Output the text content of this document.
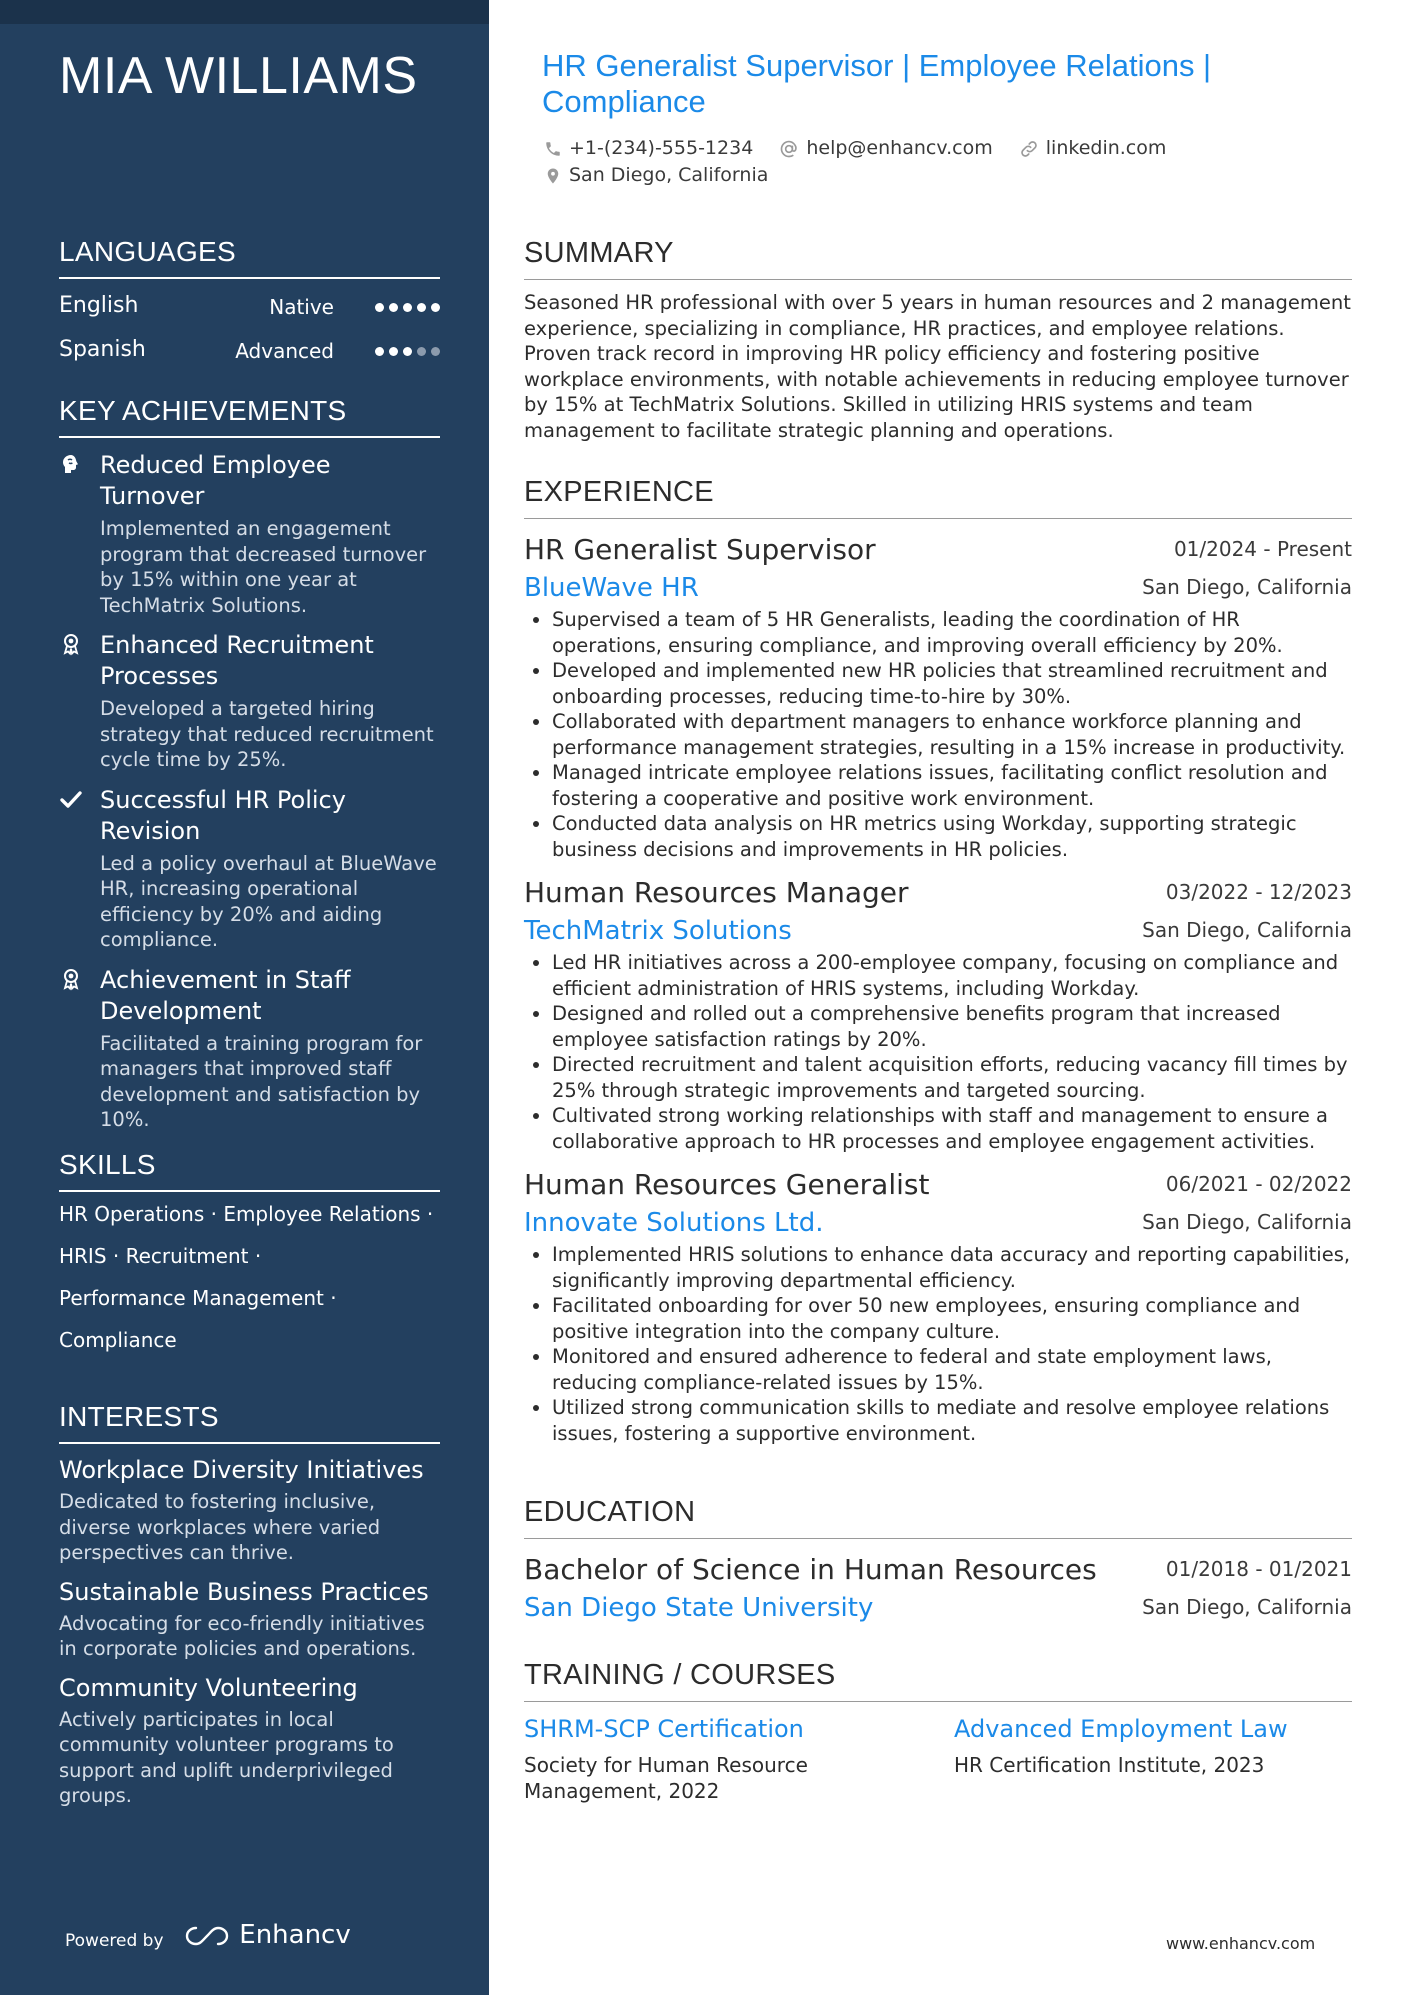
MIA WILLIAMS
LANGUAGES
English	Native
Spanish	Advanced
KEY ACHIEVEMENTS
Reduced Employee Turnover
Implemented an engagement program that decreased turnover by 15% within one year at TechMatrix Solutions.
Enhanced Recruitment Processes
Developed a targeted hiring strategy that reduced recruitment cycle time by 25%.
Successful HR Policy Revision
Led a policy overhaul at BlueWave HR, increasing operational efficiency by 20% and aiding compliance.
Achievement in Staff Development
Facilitated a training program for managers that improved staff development and satisfaction by 10%.
SKILLS
HR Operations · Employee Relations ·
HRIS · Recruitment ·
Performance Management ·
Compliance
INTERESTS
Workplace Diversity Initiatives
Dedicated to fostering inclusive, diverse workplaces where varied perspectives can thrive.
Sustainable Business Practices
Advocating for eco-friendly initiatives in corporate policies and operations.
Community Volunteering
Actively participates in local community volunteer programs to support and uplift underprivileged groups.
Powered by	Enhancv
HR Generalist Supervisor | Employee Relations | Compliance
+1-(234)-555-1234	help@enhancv.com	linkedin.com
San Diego, California
SUMMARY
Seasoned HR professional with over 5 years in human resources and 2 management experience, specializing in compliance, HR practices, and employee relations. Proven track record in improving HR policy efficiency and fostering positive workplace environments, with notable achievements in reducing employee turnover by 15% at TechMatrix Solutions. Skilled in utilizing HRIS systems and team management to facilitate strategic planning and operations.
EXPERIENCE
HR Generalist Supervisor	01/2024 - Present
BlueWave HR	San Diego, California
• Supervised a team of 5 HR Generalists, leading the coordination of HR operations, ensuring compliance, and improving overall efficiency by 20%.
• Developed and implemented new HR policies that streamlined recruitment and onboarding processes, reducing time-to-hire by 30%.
• Collaborated with department managers to enhance workforce planning and performance management strategies, resulting in a 15% increase in productivity.
• Managed intricate employee relations issues, facilitating conflict resolution and fostering a cooperative and positive work environment.
• Conducted data analysis on HR metrics using Workday, supporting strategic business decisions and improvements in HR policies.
Human Resources Manager	03/2022 - 12/2023
TechMatrix Solutions	San Diego, California
• Led HR initiatives across a 200-employee company, focusing on compliance and efficient administration of HRIS systems, including Workday.
• Designed and rolled out a comprehensive benefits program that increased employee satisfaction ratings by 20%.
• Directed recruitment and talent acquisition efforts, reducing vacancy fill times by 25% through strategic improvements and targeted sourcing.
• Cultivated strong working relationships with staff and management to ensure a collaborative approach to HR processes and employee engagement activities.
Human Resources Generalist	06/2021 - 02/2022
Innovate Solutions Ltd.	San Diego, California
• Implemented HRIS solutions to enhance data accuracy and reporting capabilities, significantly improving departmental efficiency.
• Facilitated onboarding for over 50 new employees, ensuring compliance and positive integration into the company culture.
• Monitored and ensured adherence to federal and state employment laws, reducing compliance-related issues by 15%.
• Utilized strong communication skills to mediate and resolve employee relations issues, fostering a supportive environment.
EDUCATION
Bachelor of Science in Human Resources	01/2018 - 01/2021
San Diego State University	San Diego, California
TRAINING / COURSES
SHRM-SCP Certification
Society for Human Resource Management, 2022
Advanced Employment Law
HR Certification Institute, 2023
www.enhancv.com
